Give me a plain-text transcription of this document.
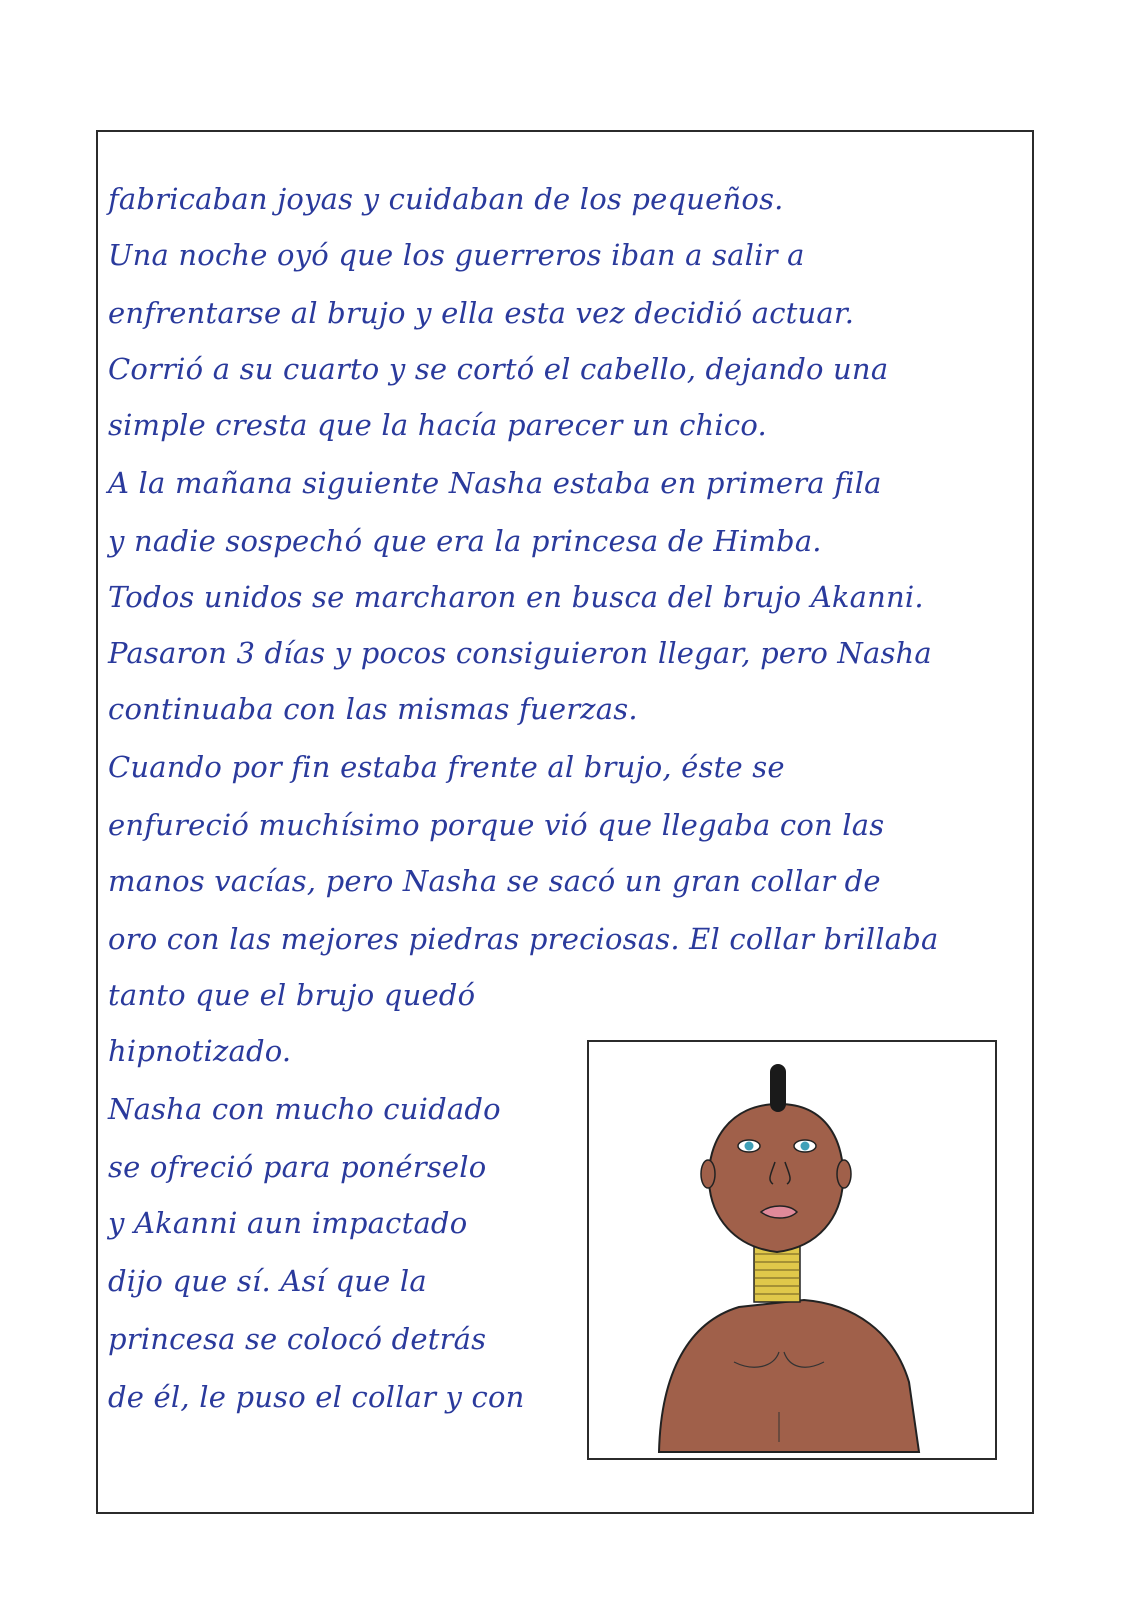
fabricaban joyas y cuidaban de los pequeños.
Una noche oyó que los guerreros iban a salir a
enfrentarse al brujo y ella esta vez decidió actuar.
Corrió a su cuarto y se cortó el cabello, dejando una
simple cresta que la hacía parecer un chico.
A la mañana siguiente Nasha estaba en primera fila
y nadie sospechó que era la princesa de Himba.
Todos unidos se marcharon en busca del brujo Akanni.
Pasaron 3 días y pocos consiguieron llegar, pero Nasha
continuaba con las mismas fuerzas.
Cuando por fin estaba frente al brujo, éste se
enfureció muchísimo porque vió que llegaba con las
manos vacías, pero Nasha se sacó un gran collar de
oro con las mejores piedras preciosas. El collar brillaba
tanto que el brujo quedó
hipnotizado.
Nasha con mucho cuidado
se ofreció para ponérselo
y Akanni aun impactado
dijo que sí. Así que la
princesa se colocó detrás
de él, le puso el collar y con
